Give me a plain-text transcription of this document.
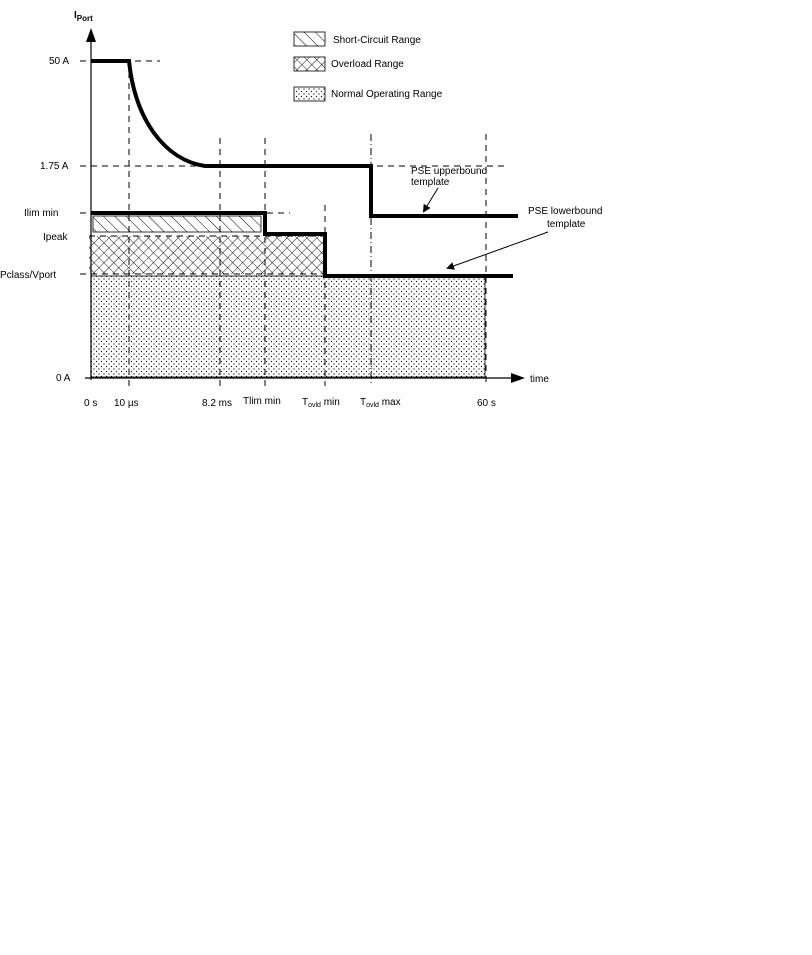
$I_{Port}$
50 A
1.75 A
Ilim min
Ipeak
Pclass/Vport
0 A
0 s 10 µs	8.2 ms Tlim $\min T_{ovld}$ $\min T_{ovld}$ max	60 s
time
Short-Circuit Range
Overload Range
Normal Operating Range
PSE upperbound
template
PSE lowerbound
template
